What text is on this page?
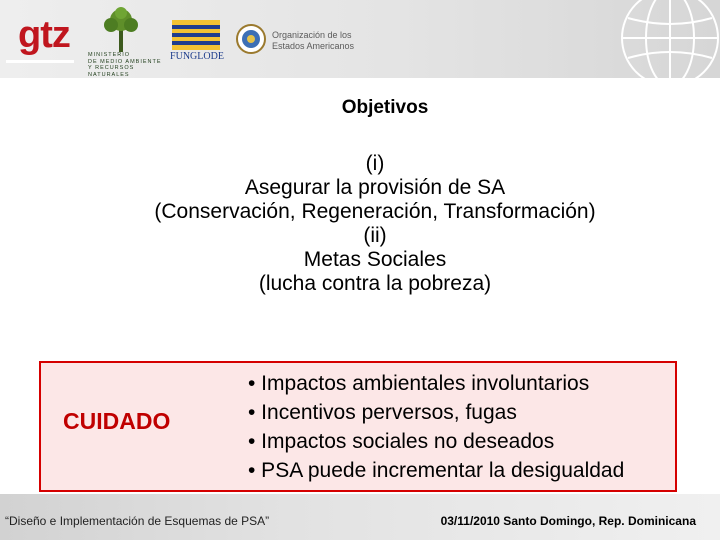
gtz	MINISTERIO
DE MEDIO AMBIENTE
Y RECURSOS NATURALES
FUNGLODE
Organización de los
Estados Americanos
Objetivos
(i)
Asegurar la provisión de SA
(Conservación, Regeneración, Transformación)
(ii)
Metas Sociales
(lucha contra la pobreza)
CUIDADO
• Impactos ambientales involuntarios
• Incentivos perversos, fugas
• Impactos sociales no deseados
• PSA puede incrementar la desigualdad
“Diseño e Implementación de Esquemas de PSA”	03/11/2010 Santo Domingo, Rep. Dominicana
